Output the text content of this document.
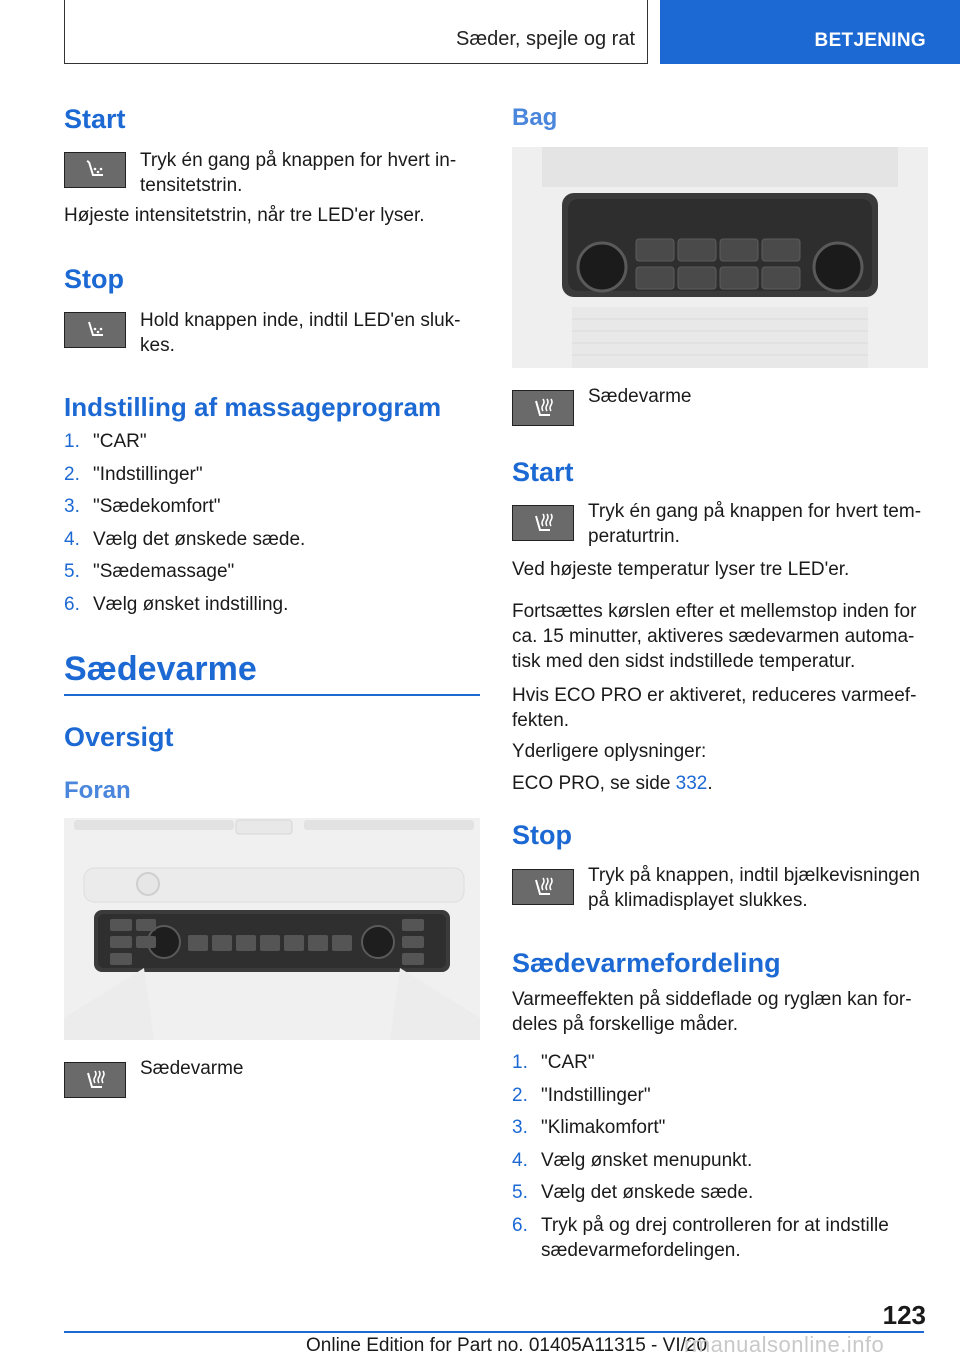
Sæder, spejle og rat	BETJENING
Start
Tryk én gang på knappen for hvert in-
tensitetstrin.
Højeste intensitetstrin, når tre LED'er lyser.
Stop
Hold knappen inde, indtil LED'en sluk-
kes.
Indstilling af massageprogram
1. "CAR"
2. "Indstillinger"
3. "Sædekomfort"
4. Vælg det ønskede sæde.
5. "Sædemassage"
6. Vælg ønsket indstilling.
Sædevarme
Oversigt
Foran
Sædevarme
Bag
Sædevarme
Start
Tryk én gang på knappen for hvert tem-
peraturtrin.
Ved højeste temperatur lyser tre LED'er.
Fortsættes kørslen efter et mellemstop inden for
ca. 15 minutter, aktiveres sædevarmen automa-
tisk med den sidst indstillede temperatur.
Hvis ECO PRO er aktiveret, reduceres varmeef-
fekten.
Yderligere oplysninger:
ECO PRO, se side 332.
Stop
Tryk på knappen, indtil bjælkevisningen
på klimadisplayet slukkes.
Sædevarmefordeling
Varmeeffekten på siddeflade og ryglæn kan for-
deles på forskellige måder.
1. "CAR"
2. "Indstillinger"
3. "Klimakomfort"
4. Vælg ønsket menupunkt.
5. Vælg det ønskede sæde.
6. Tryk på og drej controlleren for at indstille
sædevarmefordelingen.
123
Online Edition for Part no. 01405A11315 - VI/20
rmanualsonline.info
